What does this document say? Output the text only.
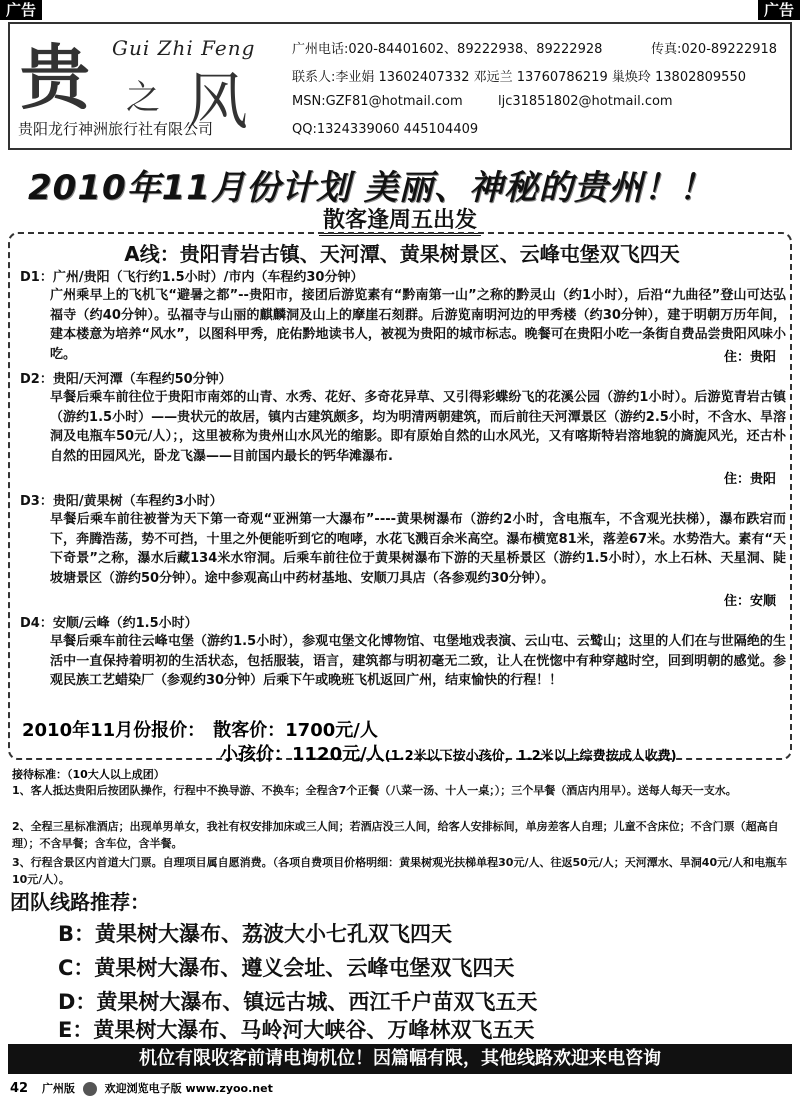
广告	广告
贵 Gui Zhi Feng
之 风
贵阳龙行神洲旅行社有限公司
广州电话:020-84401602、89222938、89222928	传真:020-89222918
联系人:李业娟 13602407332 邓远兰 13760786219 巢焕玲 13802809550
MSN:GZF81@hotmail.com	ljc31851802@hotmail.com
QQ:1324339060 445104409
2010年11月份计划 美丽、神秘的贵州！！
散客逢周五出发
A线：贵阳青岩古镇、天河潭、黄果树景区、云峰屯堡双飞四天
D1：广州/贵阳（飞行约1.5小时）/市内（车程约30分钟）
广州乘早上的飞机飞“避暑之都”--贵阳市，接团后游览素有“黔南第一山”之称的黔灵山（约1小时），后沿“九曲径”登山可达弘福寺（约40分钟）。弘福寺与山丽的麒麟洞及山上的摩崖石刻群。后游览南明河边的甲秀楼（约30分钟），建于明朝万历年间，建本楼意为培养“风水”，以图科甲秀，庇佑黔地读书人，被视为贵阳的城市标志。晚餐可在贵阳小吃一条街自费品尝贵阳风味小吃。	住：贵阳
D2：贵阳/天河潭（车程约50分钟）
早餐后乘车前往位于贵阳市南郊的山青、水秀、花好、多奇花异草、又引得彩蝶纷飞的花溪公园（游约1小时）。后游览青岩古镇（游约1.5小时）——贵状元的故居，镇内古建筑颇多，均为明清两朝建筑，而后前往天河潭景区（游约2.5小时，不含水、旱溶洞及电瓶车50元/人）；，这里被称为贵州山水风光的缩影。即有原始自然的山水风光，又有喀斯特岩溶地貌的旖旎风光，还古朴自然的田园风光，卧龙飞瀑——目前国内最长的钙华滩瀑布.
住：贵阳
D3：贵阳/黄果树（车程约3小时）
早餐后乘车前往被誉为天下第一奇观“亚洲第一大瀑布”----黄果树瀑布（游约2小时，含电瓶车，不含观光扶梯），瀑布跌宕而下，奔腾浩荡，势不可挡，十里之外便能听到它的咆哮，水花飞溅百余米高空。瀑布横宽81米，落差67米。水势浩大。素有“天下奇景”之称，瀑水后藏134米水帘洞。后乘车前往位于黄果树瀑布下游的天星桥景区（游约1.5小时），水上石林、天星洞、陡坡塘景区（游约50分钟）。途中参观高山中药材基地、安顺刀具店（各参观约30分钟）。
住：安顺
D4：安顺/云峰（约1.5小时）
早餐后乘车前往云峰屯堡（游约1.5小时），参观屯堡文化博物馆、屯堡地戏表演、云山屯、云鹫山；这里的人们在与世隔绝的生活中一直保持着明初的生活状态，包括服装，语言，建筑都与明初毫无二致，让人在恍惚中有种穿越时空，回到明朝的感觉。参观民族工艺蜡染厂（参观约30分钟）后乘下午或晚班飞机返回广州，结束愉快的行程！！
2010年11月份报价： 散客价：1700元/人
小孩价：1120元/人(1.2米以下按小孩价，1.2米以上综费按成人收费)
接待标准：（10大人以上成团）
1、客人抵达贵阳后按团队操作，行程中不换导游、不换车；全程含7个正餐（八菜一汤、十人一桌；）；三个早餐（酒店内用早）。送每人每天一支水。
2、全程三星标准酒店；出现单男单女，我社有权安排加床或三人间；若酒店没三人间，给客人安排标间，单房差客人自理；儿童不含床位；不含门票（超高自理）；不含早餐；含车位，含半餐。
3、行程含景区内首道大门票。自理项目属自愿消费。（各项自费项目价格明细：黄果树观光扶梯单程30元/人、往返50元/人；天河潭水、旱洞40元/人和电瓶车10元/人）。
团队线路推荐：
B：黄果树大瀑布、荔波大小七孔双飞四天
C：黄果树大瀑布、遵义会址、云峰屯堡双飞四天
D：黄果树大瀑布、镇远古城、西江千户苗双飞五天
E：黄果树大瀑布、马岭河大峡谷、万峰林双飞五天
机位有限收客前请电询机位！因篇幅有限，其他线路欢迎来电咨询
42 广州版	欢迎浏览电子版 www.zyoo.net
